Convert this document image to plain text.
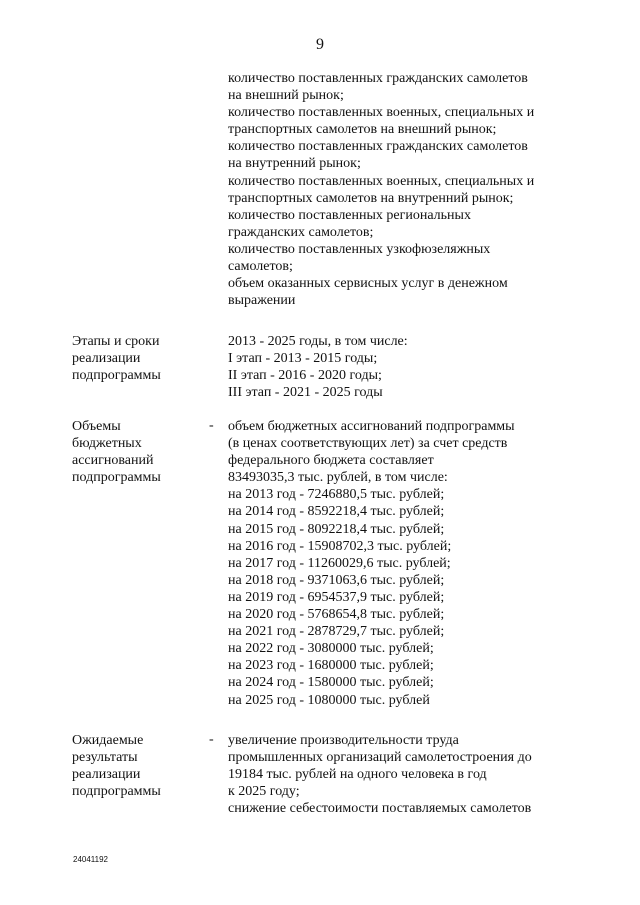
9
количество поставленных гражданских самолетов
на внешний рынок;
количество поставленных военных, специальных и
транспортных самолетов на внешний рынок;
количество поставленных гражданских самолетов
на внутренний рынок;
количество поставленных военных, специальных и
транспортных самолетов на внутренний рынок;
количество поставленных региональных
гражданских самолетов;
количество поставленных узкофюзеляжных
самолетов;
объем оказанных сервисных услуг в денежном
выражении
Этапы и сроки
реализации
подпрограммы
2013 - 2025 годы, в том числе:
I этап - 2013 - 2015 годы;
II этап - 2016 - 2020 годы;
III этап - 2021 - 2025 годы
Объемы
бюджетных
ассигнований
подпрограммы
- объем бюджетных ассигнований подпрограммы
(в ценах соответствующих лет) за счет средств
федерального бюджета составляет
83493035,3 тыс. рублей, в том числе:
на 2013 год - 7246880,5 тыс. рублей;
на 2014 год - 8592218,4 тыс. рублей;
на 2015 год - 8092218,4 тыс. рублей;
на 2016 год - 15908702,3 тыс. рублей;
на 2017 год - 11260029,6 тыс. рублей;
на 2018 год - 9371063,6 тыс. рублей;
на 2019 год - 6954537,9 тыс. рублей;
на 2020 год - 5768654,8 тыс. рублей;
на 2021 год - 2878729,7 тыс. рублей;
на 2022 год - 3080000 тыс. рублей;
на 2023 год - 1680000 тыс. рублей;
на 2024 год - 1580000 тыс. рублей;
на 2025 год - 1080000 тыс. рублей
Ожидаемые
результаты
реализации
подпрограммы
- увеличение производительности труда
промышленных организаций самолетостроения до
19184 тыс. рублей на одного человека в год
к 2025 году;
снижение себестоимости поставляемых самолетов
24041192
